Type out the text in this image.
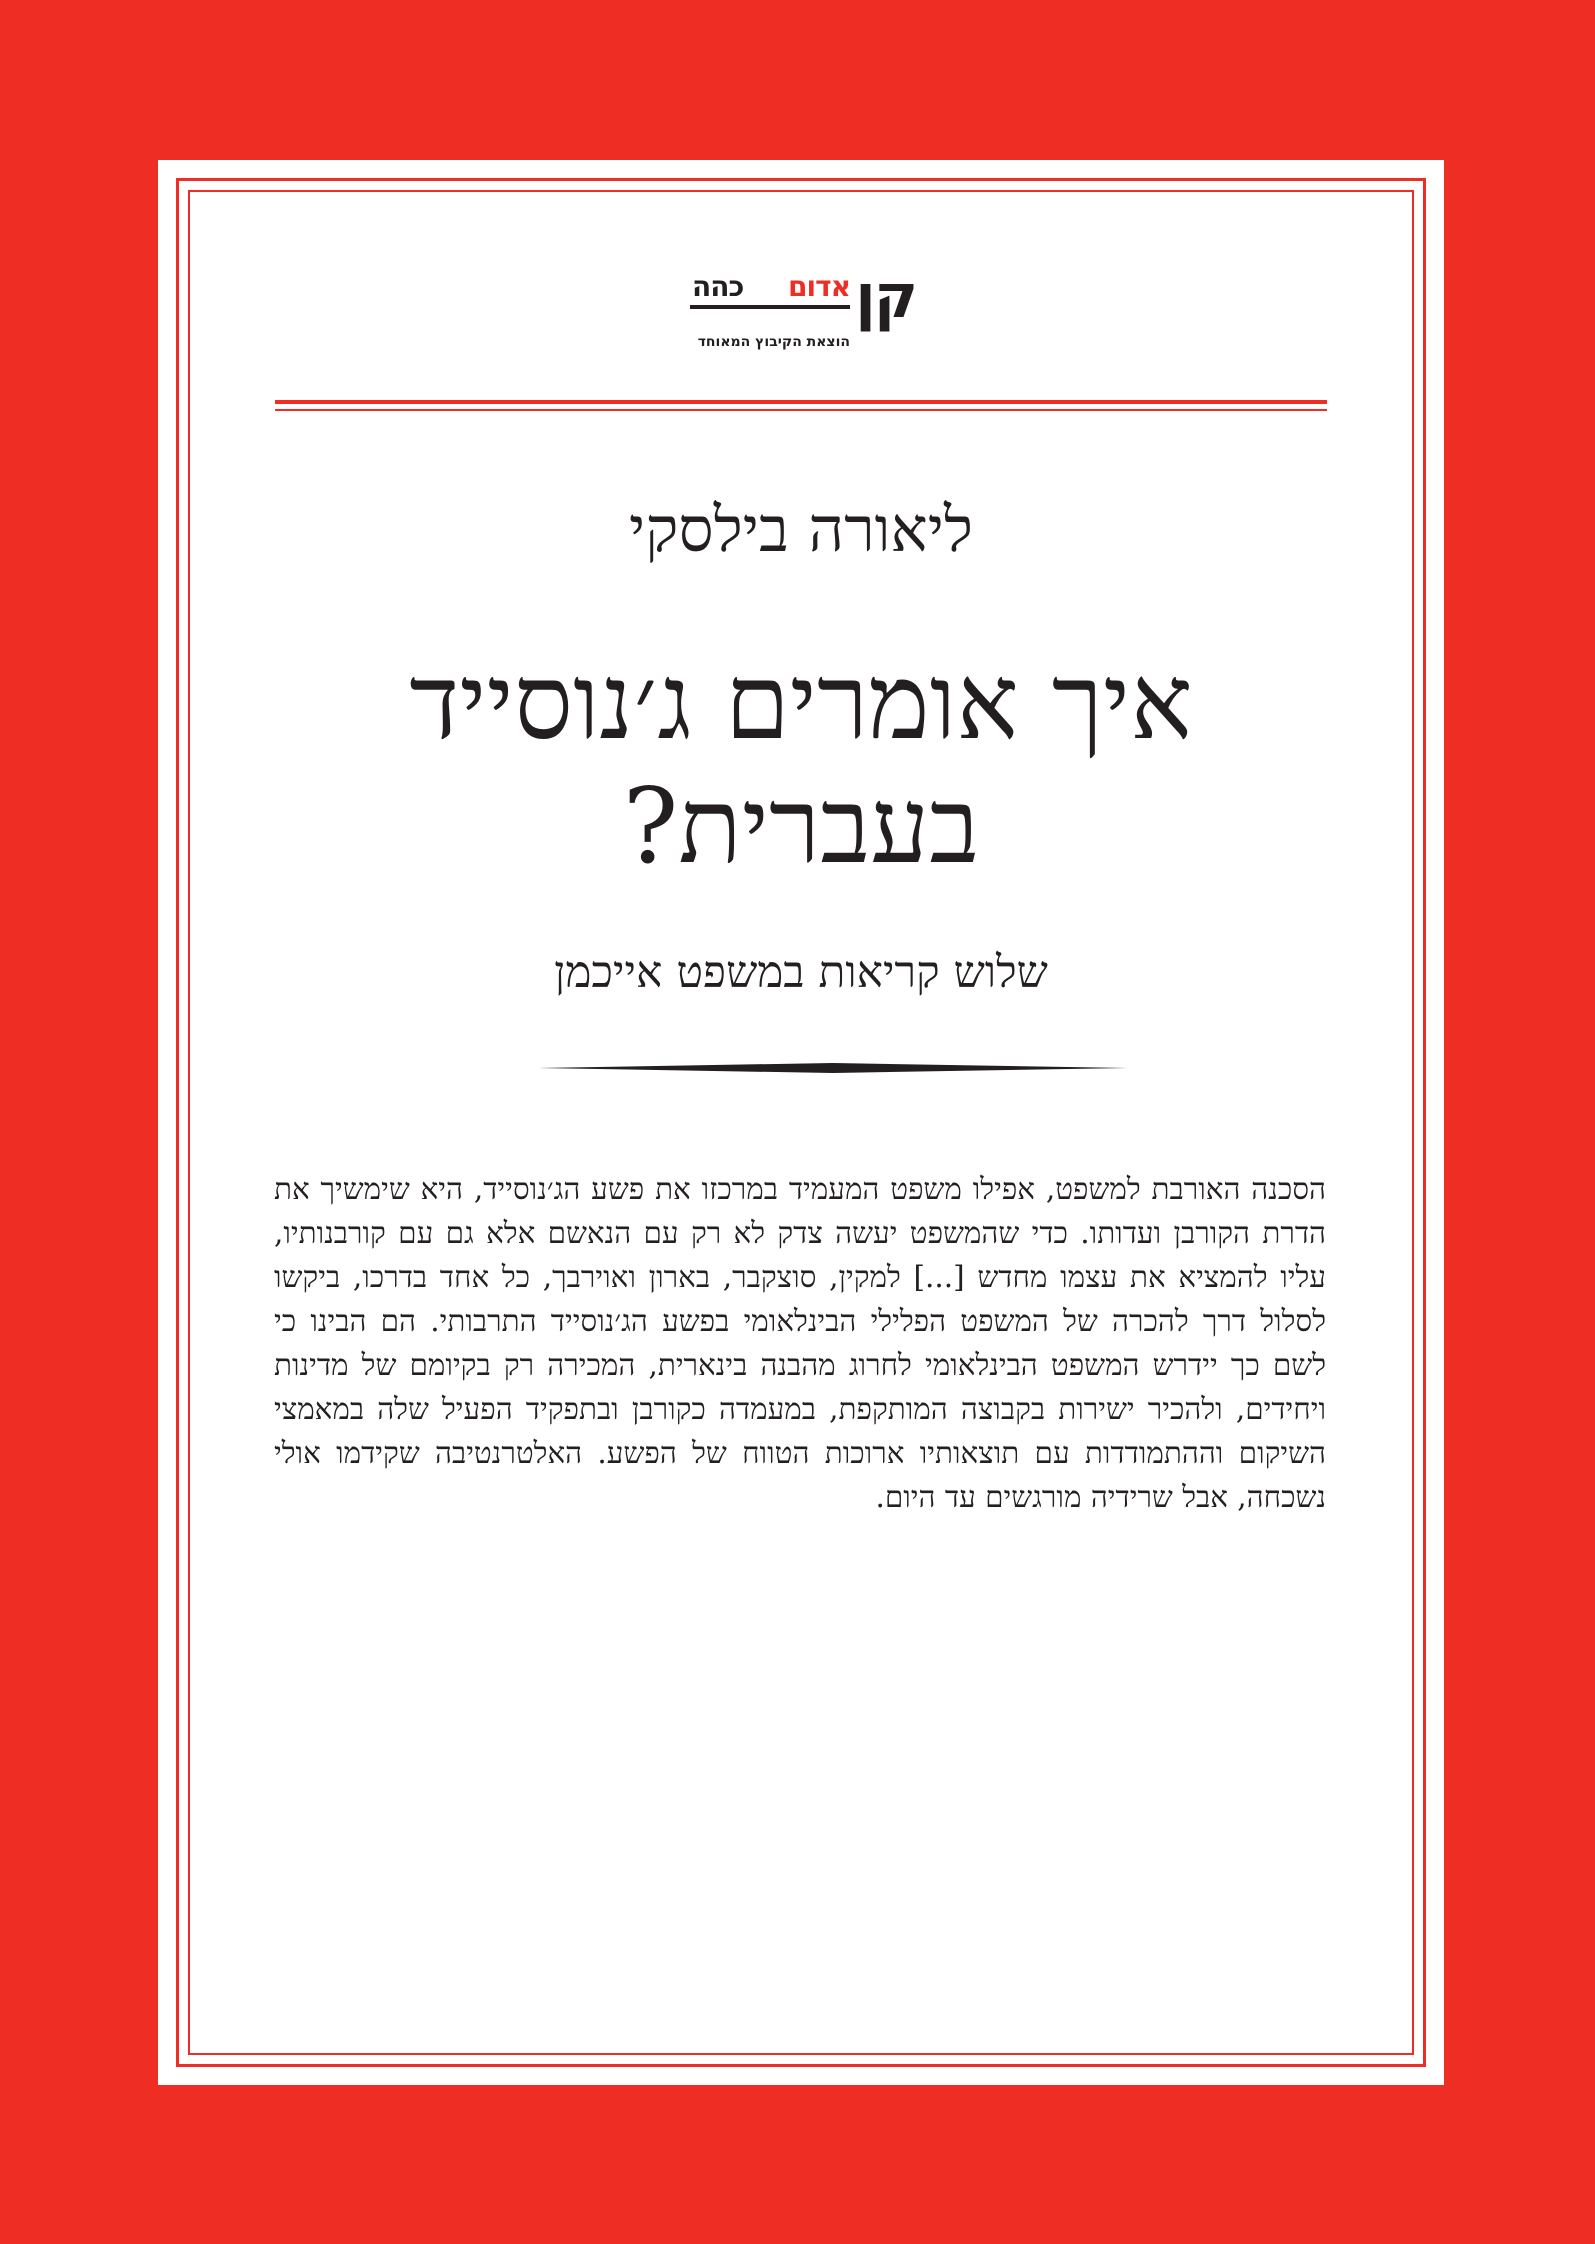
קן
אדום
כהה
הוצאת הקיבוץ המאוחד
ליאורה בילסקי
איך אומרים ג׳נוסייד
בעברית?
שלוש קריאות במשפט אייכמן
הסכנה האורבת למשפט, אפילו משפט המעמיד במרכזו את פשע הג׳נוסייד, היא שימשיך את הדרת הקורבן ועדותו. כדי שהמשפט יעשה צדק לא רק עם הנאשם אלא גם עם קורבנותיו, עליו להמציא את עצמו מחדש [...] למקין, סוצקבר, בארון ואוירבך, כל אחד בדרכו, ביקשו לסלול דרך להכרה של המשפט הפלילי הבינלאומי בפשע הג׳נוסייד התרבותי. הם הבינו כי לשם כך יידרש המשפט הבינלאומי לחרוג מהבנה בינארית, המכירה רק בקיומם של מדינות ויחידים, ולהכיר ישירות בקבוצה המותקפת, במעמדה כקורבן ובתפקיד הפעיל שלה במאמצי השיקום וההתמודדות עם תוצאותיו ארוכות הטווח של הפשע. האלטרנטיבה שקידמו אולי נשכחה, אבל שרידיה מורגשים עד היום.
